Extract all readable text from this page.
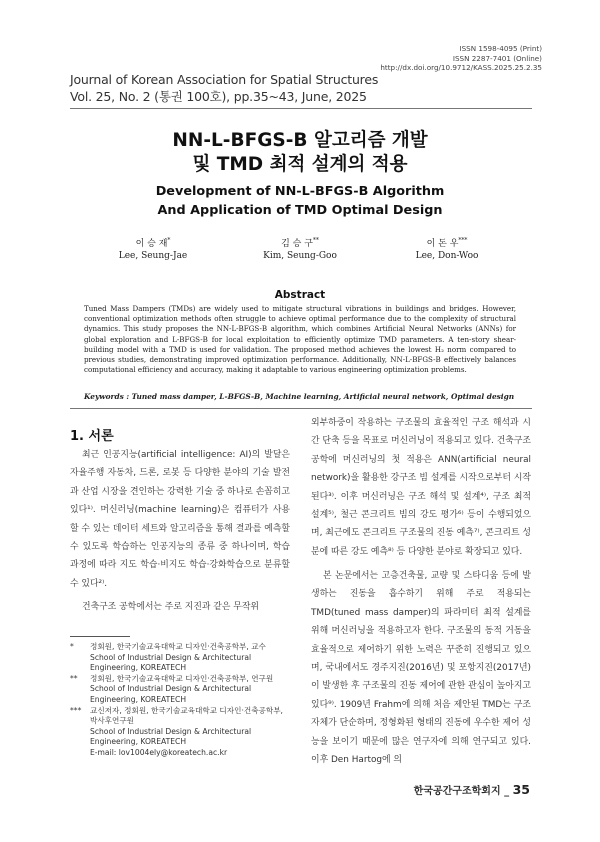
ISSN 1598-4095 (Print)
ISSN 2287-7401 (Online)
http://dx.doi.org/10.9712/KASS.2025.25.2.35
Journal of Korean Association for Spatial Structures
Vol. 25, No. 2 (통권 100호), pp.35~43, June, 2025
NN-L-BFGS-B 알고리즘 개발
및 TMD 최적 설계의 적용
Development of NN-L-BFGS-B Algorithm
And Application of TMD Optimal Design
이 승 재*
Lee, Seung-Jae
김 승 구**
Kim, Seung-Goo
이 돈 우***
Lee, Don-Woo
Abstract
Tuned Mass Dampers (TMDs) are widely used to mitigate structural vibrations in buildings and bridges. However, conventional optimization methods often struggle to achieve optimal performance due to the complexity of structural dynamics. This study proposes the NN-L-BFGS-B algorithm, which combines Artificial Neural Networks (ANNs) for global exploration and L-BFGS-B for local exploitation to efficiently optimize TMD parameters. A ten-story shear-building model with a TMD is used for validation. The proposed method achieves the lowest H₂ norm compared to previous studies, demonstrating improved optimization performance. Additionally, NN-L-BFGS-B effectively balances computational efficiency and accuracy, making it adaptable to various engineering optimization problems.
Keywords : Tuned mass damper, L-BFGS-B, Machine learning, Artificial neural network, Optimal design
1. 서론
최근 인공지능(artificial intelligence: AI)의 발달은 자율주행 자동차, 드론, 로봇 등 다양한 분야의 기술 발전과 산업 시장을 견인하는 강력한 기술 중 하나로 손꼽히고 있다¹⁾. 머신러닝(machine learning)은 컴퓨터가 사용할 수 있는 데이터 세트와 알고리즘을 통해 결과를 예측할 수 있도록 학습하는 인공지능의 종류 중 하나이며, 학습 과정에 따라 지도 학습·비지도 학습·강화학습으로 분류할 수 있다²⁾.
건축구조 공학에서는 주로 지진과 같은 무작위
외부하중이 작용하는 구조물의 효율적인 구조 해석과 시간 단축 등을 목표로 머신러닝이 적용되고 있다. 건축구조 공학에 머신러닝의 첫 적용은 ANN(artificial neural network)을 활용한 강구조 빔 설계를 시작으로부터 시작된다³⁾. 이후 머신러닝은 구조 해석 및 설계⁴⁾, 구조 최적 설계⁵⁾, 철근 콘크리트 빔의 강도 평가⁶⁾ 등이 수행되었으며, 최근에도 콘크리트 구조물의 진동 예측⁷⁾, 콘크리트 성분에 따른 강도 예측⁸⁾ 등 다양한 분야로 확장되고 있다.
본 논문에서는 고층건축물, 교량 및 스타디움 등에 발생하는 진동을 흡수하기 위해 주로 적용되는 TMD(tuned mass damper)의 파라미터 최적 설계를 위해 머신러닝을 적용하고자 한다. 구조물의 동적 거동을 효율적으로 제어하기 위한 노력은 꾸준히 진행되고 있으며, 국내에서도 경주지진(2016년) 및 포항지진(2017년)이 발생한 후 구조물의 진동 제어에 관한 관심이 높아지고 있다⁹⁾. 1909년 Frahm에 의해 처음 제안된 TMD는 구조 자체가 단순하며, 정형화된 형태의 진동에 우수한 제어 성능을 보이기 때문에 많은 연구자에 의해 연구되고 있다. 이후 Den Hartog에 의
*	정회원, 한국기술교육대학교 디자인·건축공학부, 교수
School of Industrial Design & Architectural
Engineering, KOREATECH
**	정회원, 한국기술교육대학교 디자인·건축공학부, 연구원
School of Industrial Design & Architectural
Engineering, KOREATECH
***	교신저자, 정회원, 한국기술교육대학교 디자인·건축공학부, 박사후연구원
School of Industrial Design & Architectural
Engineering, KOREATECH
E-mail: lov1004ely@koreatech.ac.kr
한국공간구조학회지 _ 35
